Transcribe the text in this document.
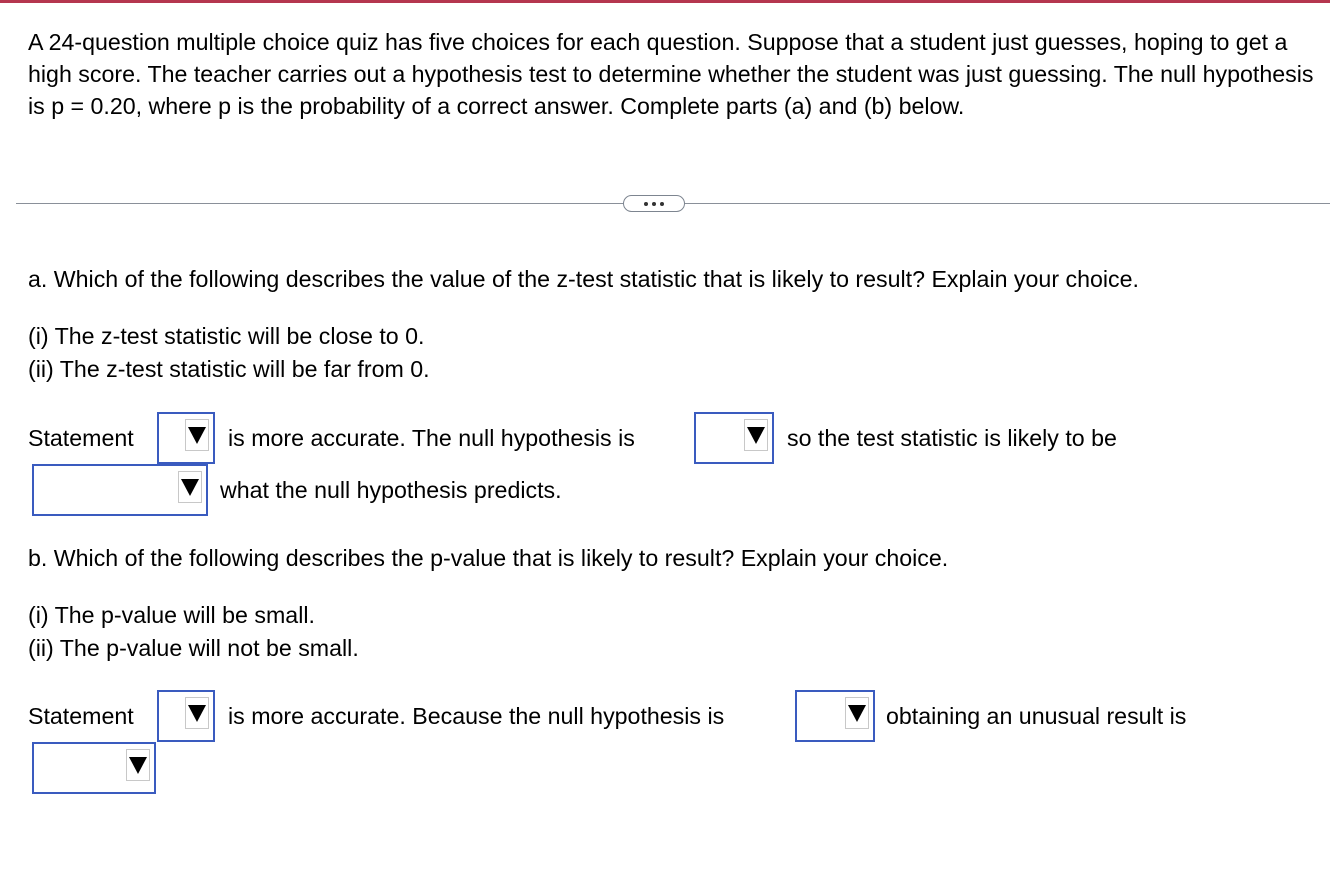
A 24-question multiple choice quiz has five choices for each question. Suppose that a student just guesses, hoping to get a high score. The teacher carries out a hypothesis test to determine whether the student was just guessing. The null hypothesis is p = 0.20, where p is the probability of a correct answer. Complete parts (a) and (b) below.
a. Which of the following describes the value of the z-test statistic that is likely to result? Explain your choice.
(i) The z-test statistic will be close to 0.
(ii) The z-test statistic will be far from 0.
Statement	is more accurate. The null hypothesis is	so the test statistic is likely to be
what the null hypothesis predicts.
b. Which of the following describes the p-value that is likely to result? Explain your choice.
(i) The p-value will be small.
(ii) The p-value will not be small.
Statement	is more accurate. Because the null hypothesis is	obtaining an unusual result is
